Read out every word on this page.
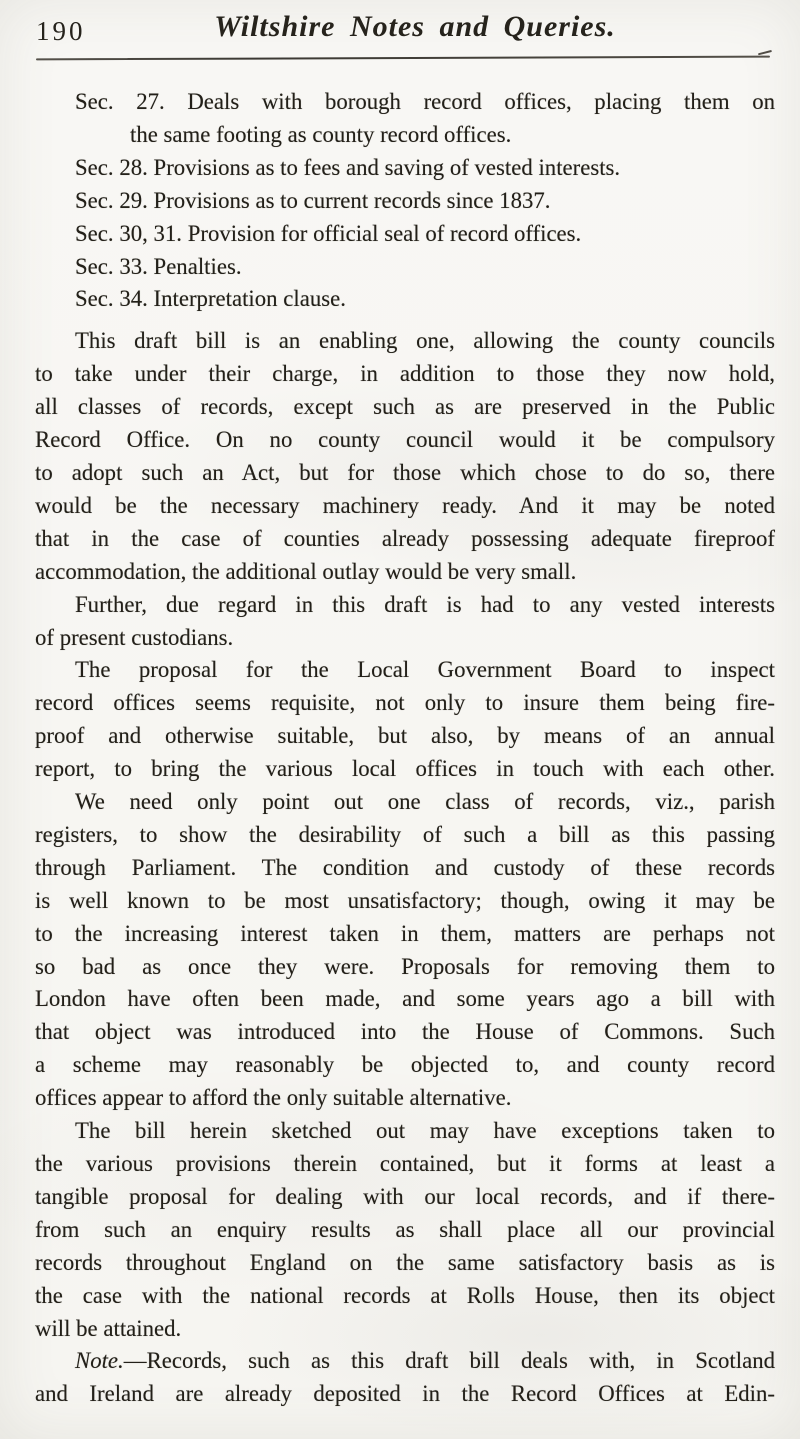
190	Wiltshire Notes and Queries.
Sec. 27. Deals with borough record offices, placing them on
the same footing as county record offices.
Sec. 28. Provisions as to fees and saving of vested interests.
Sec. 29. Provisions as to current records since 1837.
Sec. 30, 31. Provision for official seal of record offices.
Sec. 33. Penalties.
Sec. 34. Interpretation clause.
This draft bill is an enabling one, allowing the county councils
to take under their charge, in addition to those they now hold,
all classes of records, except such as are preserved in the Public
Record Office. On no county council would it be compulsory
to adopt such an Act, but for those which chose to do so, there
would be the necessary machinery ready. And it may be noted
that in the case of counties already possessing adequate fireproof
accommodation, the additional outlay would be very small.
Further, due regard in this draft is had to any vested interests
of present custodians.
The proposal for the Local Government Board to inspect
record offices seems requisite, not only to insure them being fire-
proof and otherwise suitable, but also, by means of an annual
report, to bring the various local offices in touch with each other.
We need only point out one class of records, viz., parish
registers, to show the desirability of such a bill as this passing
through Parliament. The condition and custody of these records
is well known to be most unsatisfactory; though, owing it may be
to the increasing interest taken in them, matters are perhaps not
so bad as once they were. Proposals for removing them to
London have often been made, and some years ago a bill with
that object was introduced into the House of Commons. Such
a scheme may reasonably be objected to, and county record
offices appear to afford the only suitable alternative.
The bill herein sketched out may have exceptions taken to
the various provisions therein contained, but it forms at least a
tangible proposal for dealing with our local records, and if there-
from such an enquiry results as shall place all our provincial
records throughout England on the same satisfactory basis as is
the case with the national records at Rolls House, then its object
will be attained.
Note.—Records, such as this draft bill deals with, in Scotland
and Ireland are already deposited in the Record Offices at Edin-
